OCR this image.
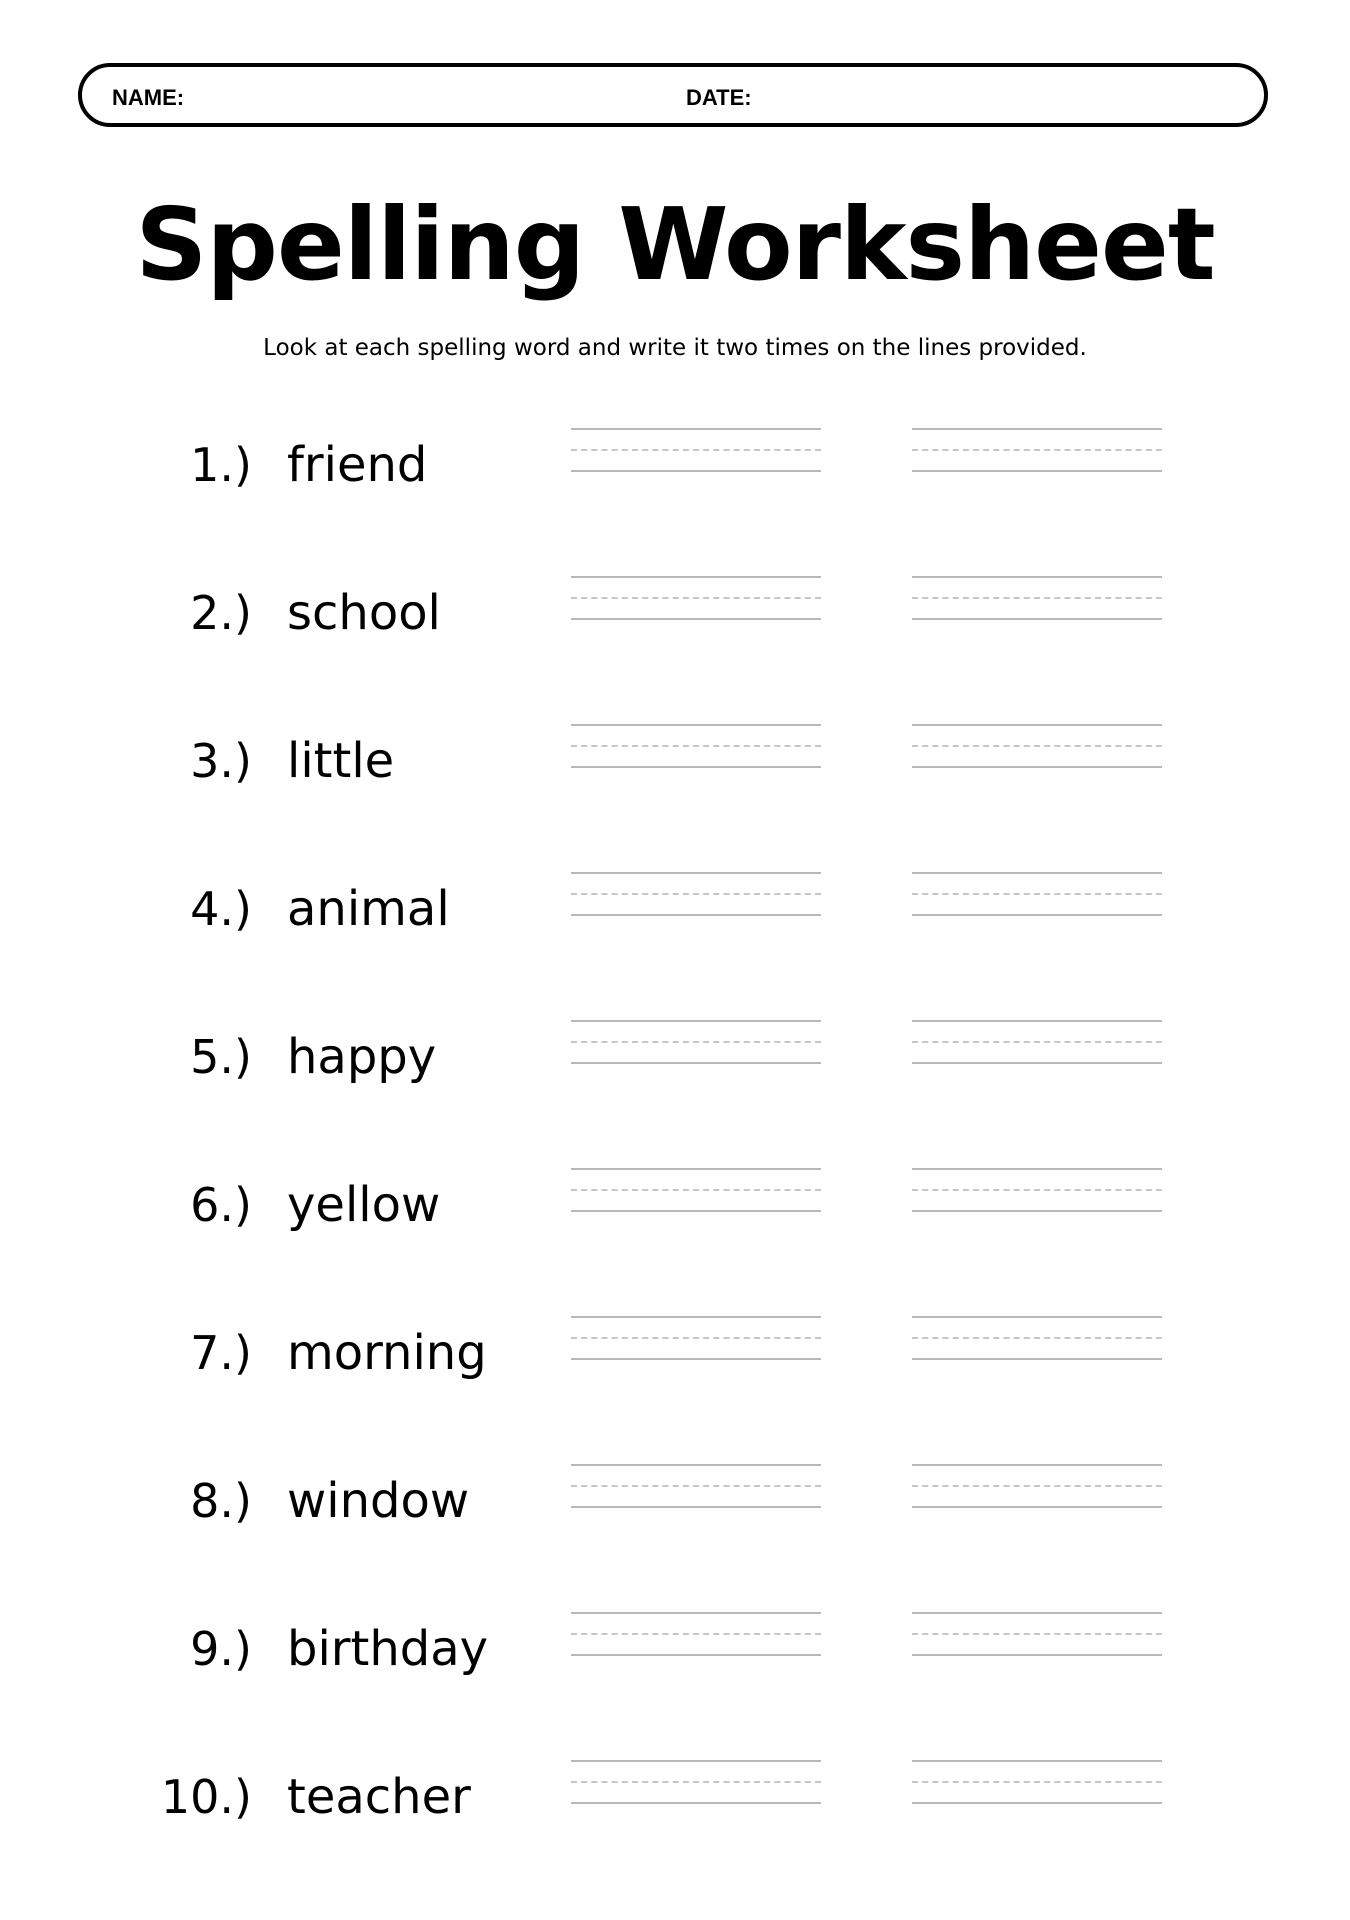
NAME:	DATE:
Spelling Worksheet
Look at each spelling word and write it two times on the lines provided.
1.) friend
2.) school
3.) little
4.) animal
5.) happy
6.) yellow
7.) morning
8.) window
9.) birthday
10.) teacher
